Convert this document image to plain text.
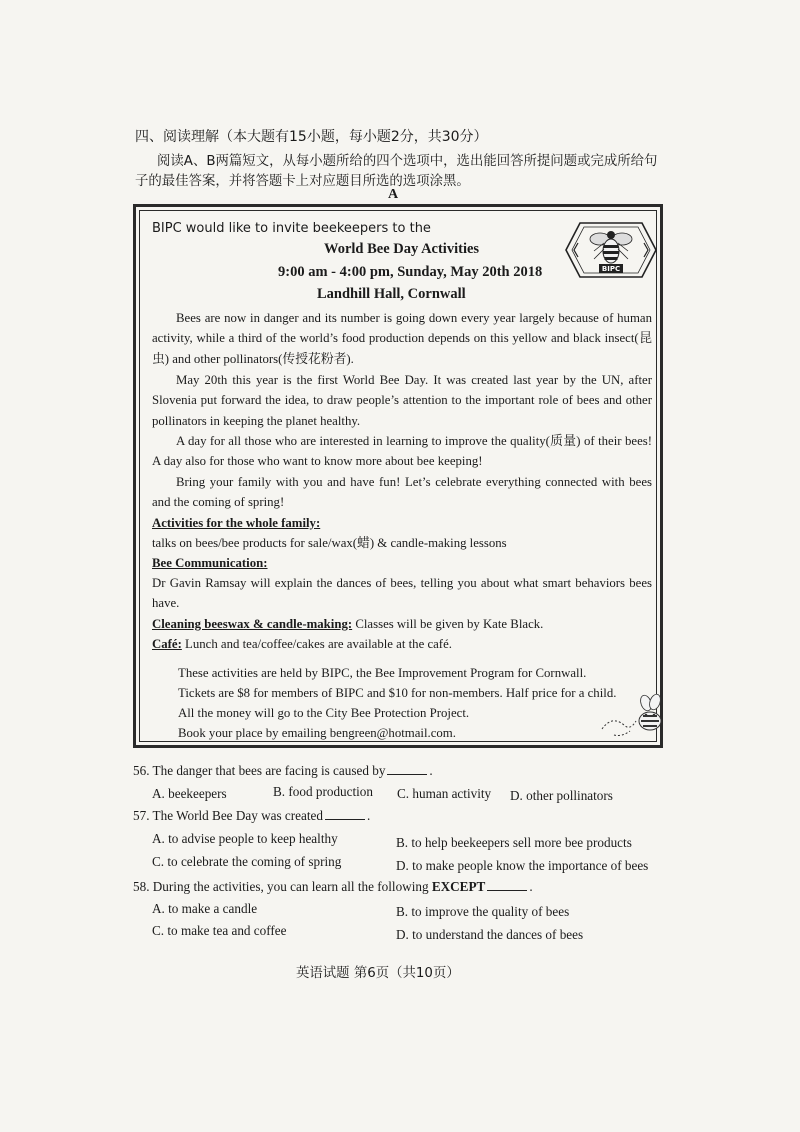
四、阅读理解（本大题有15小题，每小题2分，共30分）
阅读A、B两篇短文，从每小题所给的四个选项中，选出能回答所提问题或完成所给句
子的最佳答案，并将答题卡上对应题目所选的选项涂黑。
A
BIPC would like to invite beekeepers to the
World Bee Day Activities
9:00 am - 4:00 pm, Sunday, May 20th 2018
Landhill Hall, Cornwall
BIPC
Bees are now in danger and its number is going down every year largely because of human activity, while a third of the world’s food production depends on this yellow and black insect(昆虫) and other pollinators(传授花粉者).
May 20th this year is the first World Bee Day. It was created last year by the UN, after Slovenia put forward the idea, to draw people’s attention to the important role of bees and other pollinators in keeping the planet healthy.
A day for all those who are interested in learning to improve the quality(质量) of their bees! A day also for those who want to know more about bee keeping!
Bring your family with you and have fun! Let’s celebrate everything connected with bees and the coming of spring!
Activities for the whole family:
talks on bees/bee products for sale/wax(蜡) & candle-making lessons
Bee Communication:
Dr Gavin Ramsay will explain the dances of bees, telling you about what smart behaviors bees have.
Cleaning beeswax & candle-making: Classes will be given by Kate Black.
Café: Lunch and tea/coffee/cakes are available at the café.
These activities are held by BIPC, the Bee Improvement Program for Cornwall.
Tickets are $8 for members of BIPC and $10 for non-members. Half price for a child.
All the money will go to the City Bee Protection Project.
Book your place by emailing bengreen@hotmail.com.
56. The danger that bees are facing is caused by	.
A. beekeepers	B. food production C. human activity D. other pollinators
57. The World Bee Day was created	.
A. to advise people to keep healthy	B. to help beekeepers sell more bee products
C. to celebrate the coming of spring	D. to make people know the importance of bees
58. During the activities, you can learn all the following EXCEPT	.
A. to make a candle	B. to improve the quality of bees
C. to make tea and coffee	D. to understand the dances of bees
英语试题 第6页（共10页）
